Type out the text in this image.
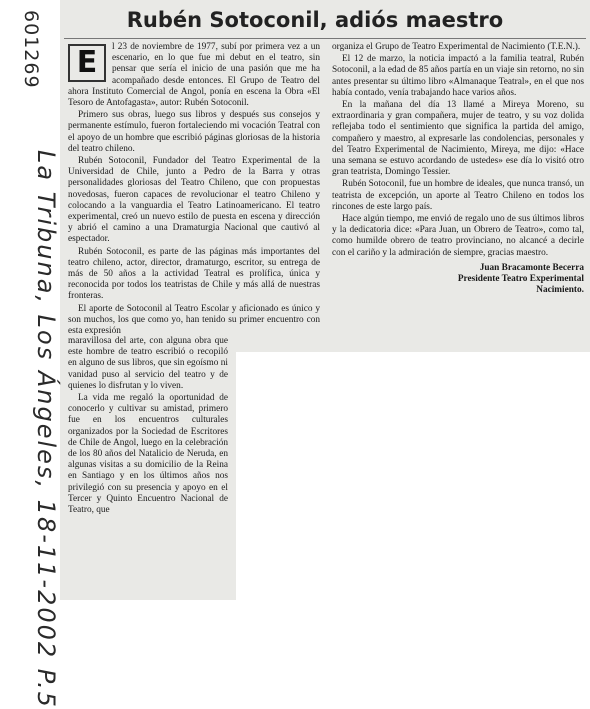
601269
La Tribuna, Los Ángeles, 18-11-2002 P.5
Rubén Sotoconil, adiós maestro

E	l 23 de noviembre de 1977, subí por primera vez a un escenario, en lo que fue mi debut en el teatro, sin pensar que sería el inicio de una pasión que me ha acompañado desde entonces. El Grupo de Teatro del ahora Instituto Comercial de Angol, ponía en escena la Obra «El Tesoro de Antofagasta», autor: Rubén Sotoconil.

Primero sus obras, luego sus libros y después sus consejos y permanente estímulo, fueron fortaleciendo mi vocación Teatral con el apoyo de un hombre que escribió páginas gloriosas de la historia del teatro chileno.

Rubén Sotoconil, Fundador del Teatro Experimental de la Universidad de Chile, junto a Pedro de la Barra y otras personalidades gloriosas del Teatro Chileno, que con propuestas novedosas, fueron capaces de revolucionar el teatro Chileno y colocando a la vanguardia el Teatro Latinoamericano. El teatro experimental, creó un nuevo estilo de puesta en escena y dirección y abrió el camino a una Dramaturgia Nacional que cautivó al espectador.

Rubén Sotoconil, es parte de las páginas más importantes del teatro chileno, actor, director, dramaturgo, escritor, su entrega de más de 50 años a la actividad Teatral es prolífica, única y reconocida por todos los teatristas de Chile y más allá de nuestras fronteras.

El aporte de Sotoconil al Teatro Escolar y aficionado es único y son muchos, los que como yo, han tenido su primer encuentro con esta expresión

maravillosa del arte, con alguna obra que este hombre de teatro escribió o recopiló en alguno de sus libros, que sin egoísmo ni vanidad puso al servicio del teatro y de quienes lo disfrutan y lo viven.

La vida me regaló la oportunidad de conocerlo y cultivar su amistad, primero fue en los encuentros culturales organizados por la Sociedad de Escritores de Chile de Angol, luego en la celebración de los 80 años del Natalicio de Neruda, en algunas visitas a su domicilio de la Reina en Santiago y en los últimos años nos privilegió con su presencia y apoyo en el Tercer y Quinto Encuentro Nacional de Teatro, que

organiza el Grupo de Teatro Experimental de Nacimiento (T.E.N.).

El 12 de marzo, la noticia impactó a la familia teatral, Rubén Sotoconil, a la edad de 85 años partía en un viaje sin retorno, no sin antes presentar su último libro «Almanaque Teatral», en el que nos había contado, venía trabajando hace varios años.

En la mañana del día 13 llamé a Mireya Moreno, su extraordinaria y gran compañera, mujer de teatro, y su voz dolida reflejaba todo el sentimiento que significa la partida del amigo, compañero y maestro, al expresarle las condolencias, personales y del Teatro Experimental de Nacimiento, Mireya, me dijo: «Hace una semana se estuvo acordando de ustedes» ese día lo visitó otro gran teatrista, Domingo Tessier.

Rubén Sotoconil, fue un hombre de ideales, que nunca transó, un teatrista de excepción, un aporte al Teatro Chileno en todos los rincones de este largo país.

Hace algún tiempo, me envió de regalo uno de sus últimos libros y la dedicatoria dice: «Para Juan, un Obrero de Teatro», como tal, como humilde obrero de teatro provinciano, no alcancé a decirle con el cariño y la admiración de siempre, gracias maestro.

Juan Bracamonte Becerra
Presidente Teatro Experimental
Nacimiento.
